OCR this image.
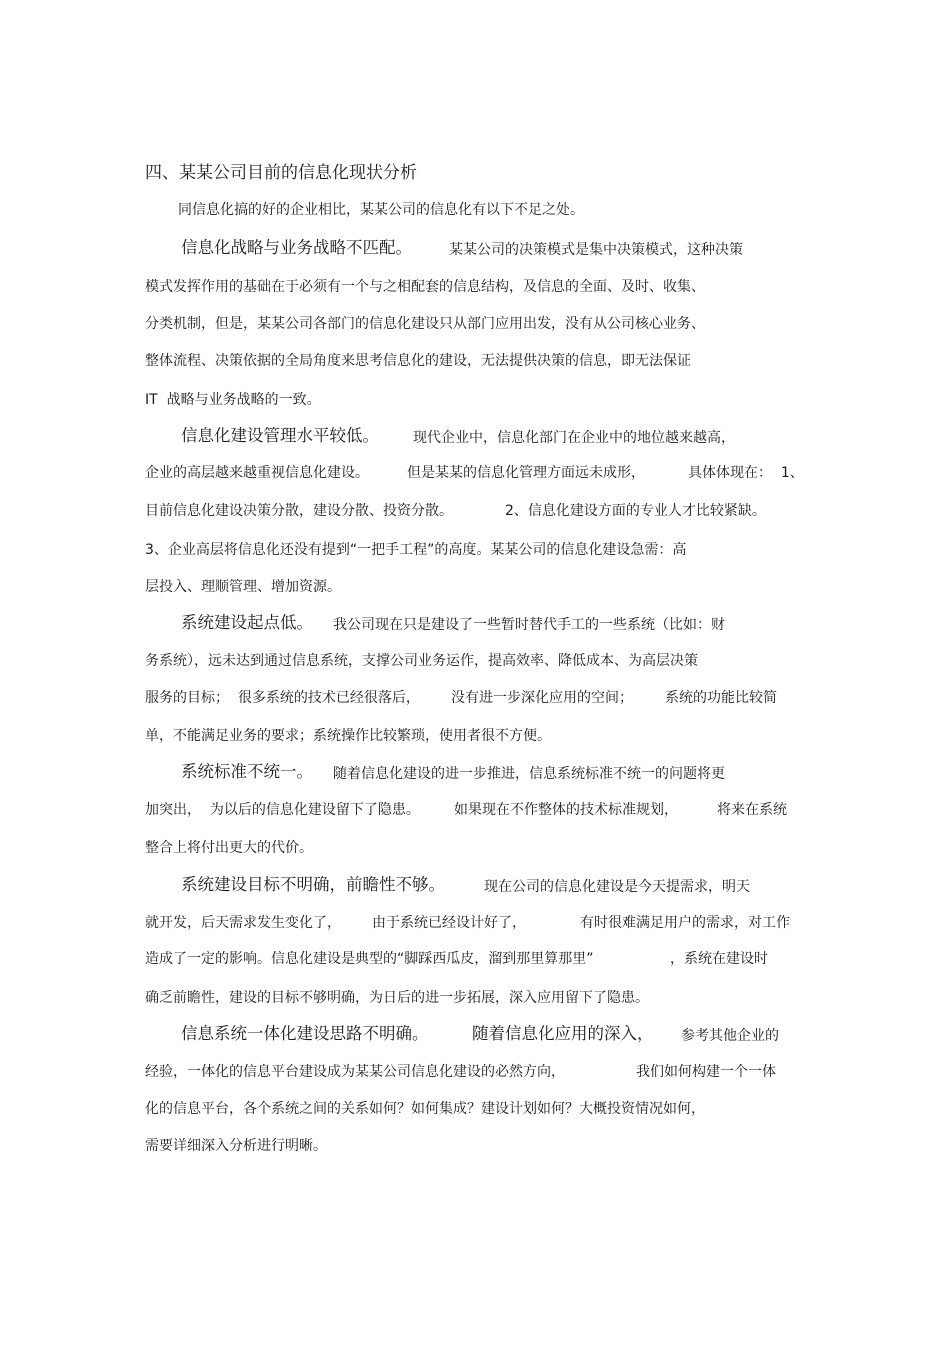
四、某某公司目前的信息化现状分析
同信息化搞的好的企业相比，某某公司的信息化有以下不足之处。
信息化战略与业务战略不匹配。	某某公司的决策模式是集中决策模式，这种决策
模式发挥作用的基础在于必须有一个与之相配套的信息结构，及信息的全面、及时、收集、
分类机制，但是，某某公司各部门的信息化建设只从部门应用出发，没有从公司核心业务、
整体流程、决策依据的全局角度来思考信息化的建设，无法提供决策的信息，即无法保证
IT  战略与业务战略的一致。
信息化建设管理水平较低。 现代企业中，信息化部门在企业中的地位越来越高，
企业的高层越来越重视信息化建设。	但是某某的信息化管理方面远未成形，	具体体现在：  1、
目前信息化建设决策分散，建设分散、投资分散。	2、信息化建设方面的专业人才比较紧缺。
3、企业高层将信息化还没有提到“一把手工程”的高度。某某公司的信息化建设急需：高
层投入、理顺管理、增加资源。
系统建设起点低。 我公司现在只是建设了一些暂时替代手工的一些系统（比如：财
务系统），远未达到通过信息系统，支撑公司业务运作，提高效率、降低成本、为高层决策
服务的目标；  很多系统的技术已经很落后， 没有进一步深化应用的空间； 系统的功能比较简
单，不能满足业务的要求；系统操作比较繁琐，使用者很不方便。
系统标准不统一。 随着信息化建设的进一步推进，信息系统标准不统一的问题将更
加突出，  为以后的信息化建设留下了隐患。 如果现在不作整体的技术标准规划，	将来在系统
整合上将付出更大的代价。
系统建设目标不明确，前瞻性不够。	现在公司的信息化建设是今天提需求，明天
就开发，后天需求发生变化了， 由于系统已经设计好了，	有时很难满足用户的需求，对工作
造成了一定的影响。信息化建设是典型的“脚踩西瓜皮，溜到那里算那里”	，系统在建设时
确乏前瞻性，建设的目标不够明确，为日后的进一步拓展，深入应用留下了隐患。
信息系统一体化建设思路不明确。	随着信息化应用的深入， 参考其他企业的
经验，一体化的信息平台建设成为某某公司信息化建设的必然方向，	我们如何构建一个一体
化的信息平台，各个系统之间的关系如何？如何集成？建设计划如何？大概投资情况如何，
需要详细深入分析进行明晰。
